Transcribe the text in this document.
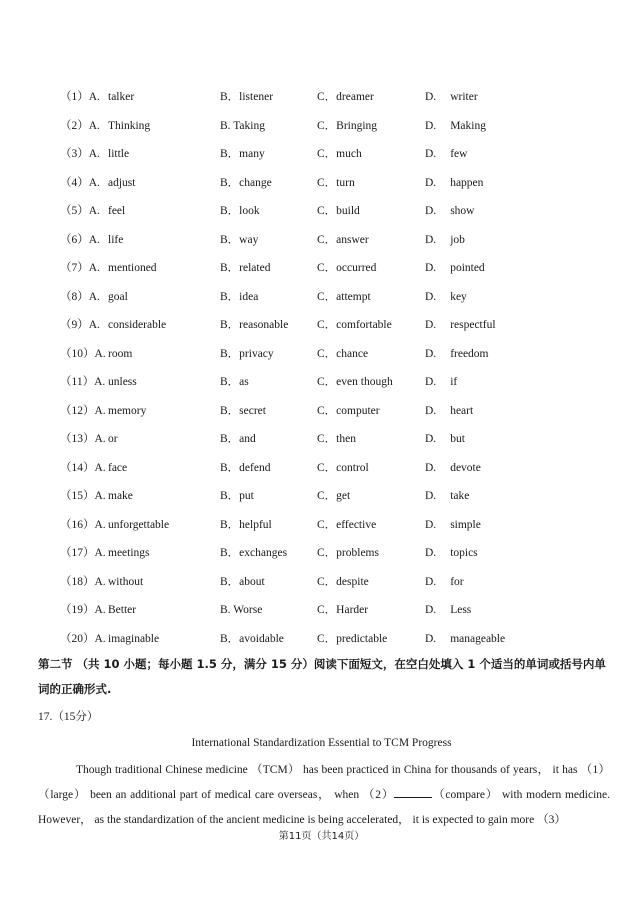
（1）A. talker	B．listener	C．dreamer	D. writer
（2）A. Thinking	B. Taking	C．Bringing	D. Making
（3）A. little	B．many	C．much	D. few
（4）A. adjust	B．change	C．turn	D. happen
（5）A. feel	B．look	C．build	D. show
（6）A. life	B．way	C．answer	D. job
（7）A. mentioned	B．related	C．occurred	D. pointed
（8）A. goal	B．idea	C．attempt	D. key
（9）A. considerable	B．reasonable C．comfortable	D. respectful
（10）A. room	B．privacy	C．chance	D. freedom
（11）A. unless	B．as	C．even though	D. if
（12）A. memory	B．secret	C．computer	D. heart
（13）A. or	B．and	C．then	D. but
（14）A. face	B．defend	C．control	D. devote
（15）A. make	B．put	C．get	D. take
（16）A. unforgettable	B．helpful	C．effective	D. simple
（17）A. meetings	B．exchanges	C．problems	D. topics
（18）A. without	B．about	C．despite	D. for
（19）A. Better	B. Worse	C．Harder	D. Less
（20）A. imaginable	B．avoidable	C．predictable	D. manageable
第二节 （共 10 小题；每小题 1.5 分，满分 15 分）阅读下面短文，在空白处填入 1 个适当的单词或括号内单词的正确形式.
17.（15分）
International Standardization Essential to TCM Progress

Though traditional Chinese medicine （TCM） has been practiced in China for thousands of years， it has （1）（large） been an additional part of medical care overseas， when （2）	（compare） with modern medicine. However， as the standardization of the ancient medicine is being accelerated， it is expected to gain more （3）

第11页（共14页）
